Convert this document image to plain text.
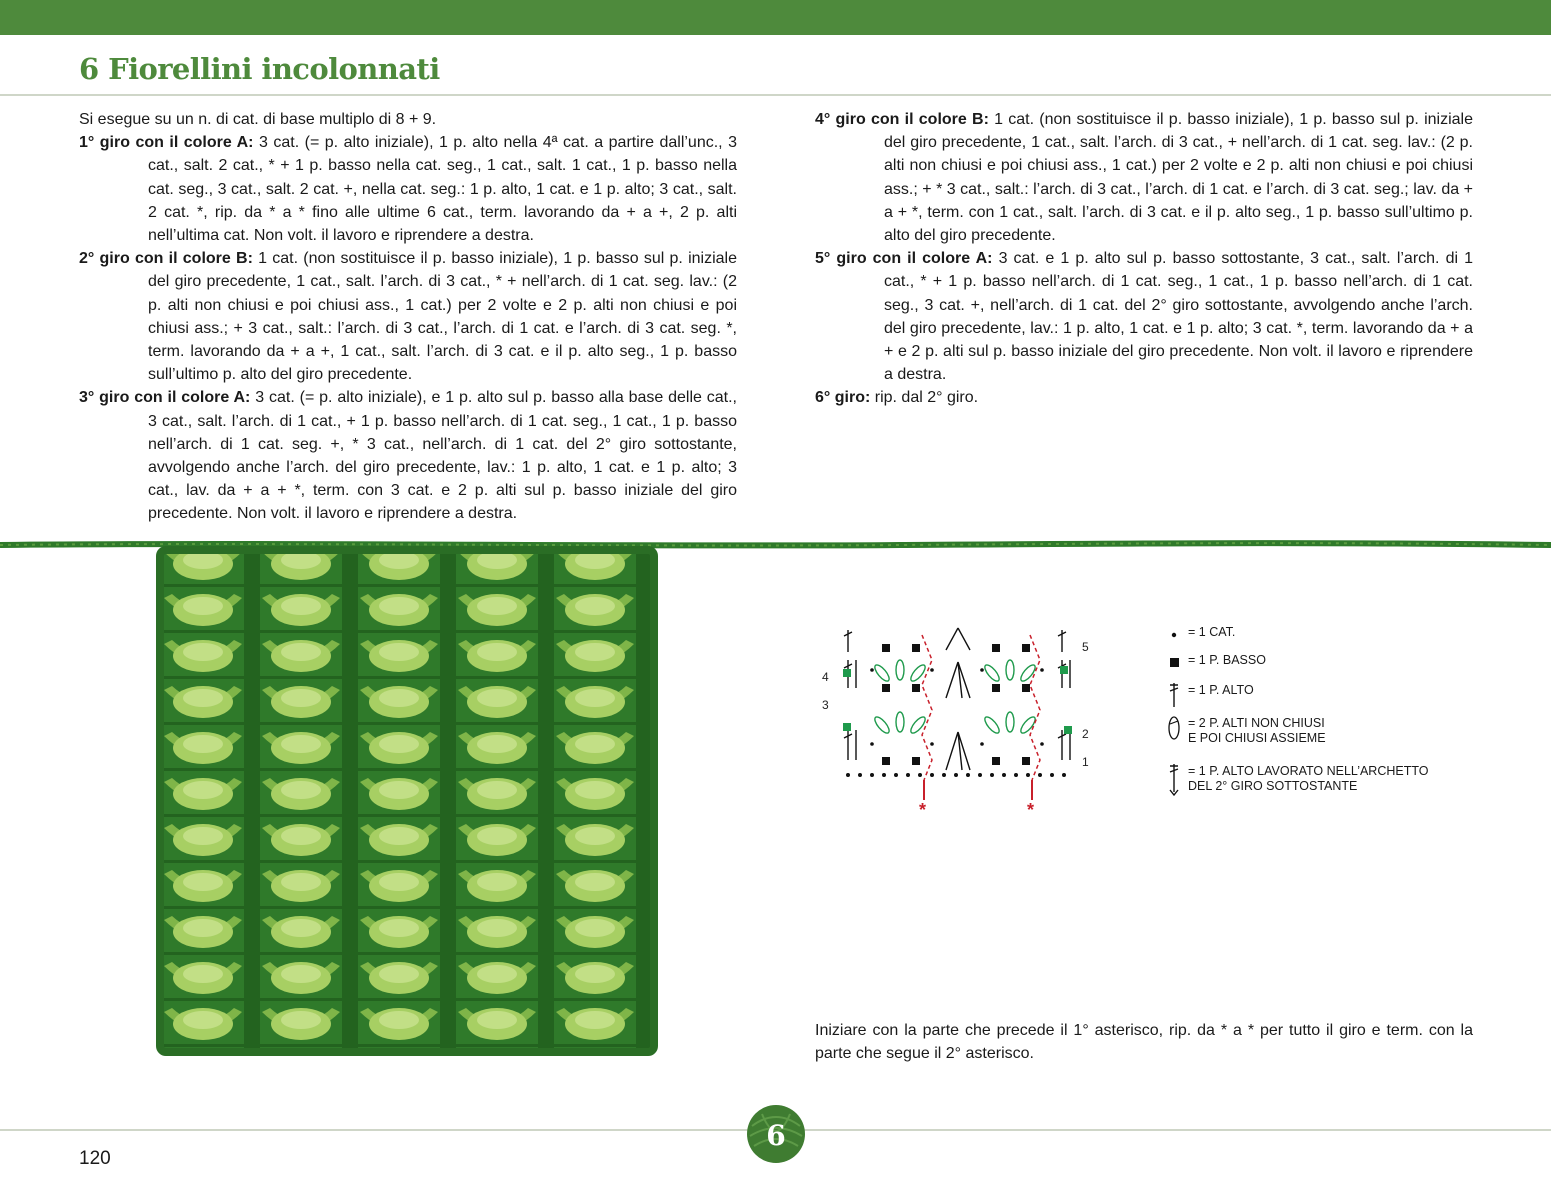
6 Fiorellini incolonnati

Si esegue su un n. di cat. di base multiplo di 8 + 9.

1° giro con il colore A: 3 cat. (= p. alto iniziale), 1 p. alto nella 4ª cat. a partire dall’unc., 3 cat., salt. 2 cat., * + 1 p. basso nella cat. seg., 1 cat., salt. 1 cat., 1 p. basso nella cat. seg., 3 cat., salt. 2 cat. +, nella cat. seg.: 1 p. alto, 1 cat. e 1 p. alto; 3 cat., salt. 2 cat. *, rip. da * a * fino alle ultime 6 cat., term. lavorando da + a +, 2 p. alti nell’ultima cat. Non volt. il lavoro e riprendere a destra.

2° giro con il colore B: 1 cat. (non sostituisce il p. basso iniziale), 1 p. basso sul p. iniziale del giro precedente, 1 cat., salt. l’arch. di 3 cat., * + nell’arch. di 1 cat. seg. lav.: (2 p. alti non chiusi e poi chiusi ass., 1 cat.) per 2 volte e 2 p. alti non chiusi e poi chiusi ass.; + 3 cat., salt.: l’arch. di 3 cat., l’arch. di 1 cat. e l’arch. di 3 cat. seg. *, term. lavorando da + a +, 1 cat., salt. l’arch. di 3 cat. e il p. alto seg., 1 p. basso sull’ultimo p. alto del giro precedente.

3° giro con il colore A: 3 cat. (= p. alto iniziale), e 1 p. alto sul p. basso alla base delle cat., 3 cat., salt. l’arch. di 1 cat., + 1 p. basso nell’arch. di 1 cat. seg., 1 cat., 1 p. basso nell’arch. di 1 cat. seg. +, * 3 cat., nell’arch. di 1 cat. del 2° giro sottostante, avvolgendo anche l’arch. del giro precedente, lav.: 1 p. alto, 1 cat. e 1 p. alto; 3 cat., lav. da + a + *, term. con 3 cat. e 2 p. alti sul p. basso iniziale del giro precedente. Non volt. il lavoro e riprendere a destra.

4° giro con il colore B: 1 cat. (non sostituisce il p. basso iniziale), 1 p. basso sul p. iniziale del giro precedente, 1 cat., salt. l’arch. di 3 cat., + nell’arch. di 1 cat. seg. lav.: (2 p. alti non chiusi e poi chiusi ass., 1 cat.) per 2 volte e 2 p. alti non chiusi e poi chiusi ass.; + * 3 cat., salt.: l’arch. di 3 cat., l’arch. di 1 cat. e l’arch. di 3 cat. seg.; lav. da + a + *, term. con 1 cat., salt. l’arch. di 3 cat. e il p. alto seg., 1 p. basso sull’ultimo p. alto del giro precedente.

5° giro con il colore A: 3 cat. e 1 p. alto sul p. basso sottostante, 3 cat., salt. l’arch. di 1 cat., * + 1 p. basso nell’arch. di 1 cat. seg., 1 cat., 1 p. basso nell’arch. di 1 cat. seg., 3 cat. +, nell’arch. di 1 cat. del 2° giro sottostante, avvolgendo anche l’arch. del giro precedente, lav.: 1 p. alto, 1 cat. e 1 p. alto; 3 cat. *, term. lavorando da + a + e 2 p. alti sul p. basso iniziale del giro precedente. Non volt. il lavoro e riprendere a destra.

6° giro: rip. dal 2° giro.

*	*
5
4
3
2
1
= 1 CAT.
= 1 P. BASSO
= 1 P. ALTO
= 2 P. ALTI NON CHIUSI
E POI CHIUSI ASSIEME
= 1 P. ALTO LAVORATO NELL’ARCHETTO
DEL 2° GIRO SOTTOSTANTE

Iniziare con la parte che precede il 1° asterisco, rip. da * a * per tutto il giro e term. con la parte che segue il 2° asterisco.

6
120
